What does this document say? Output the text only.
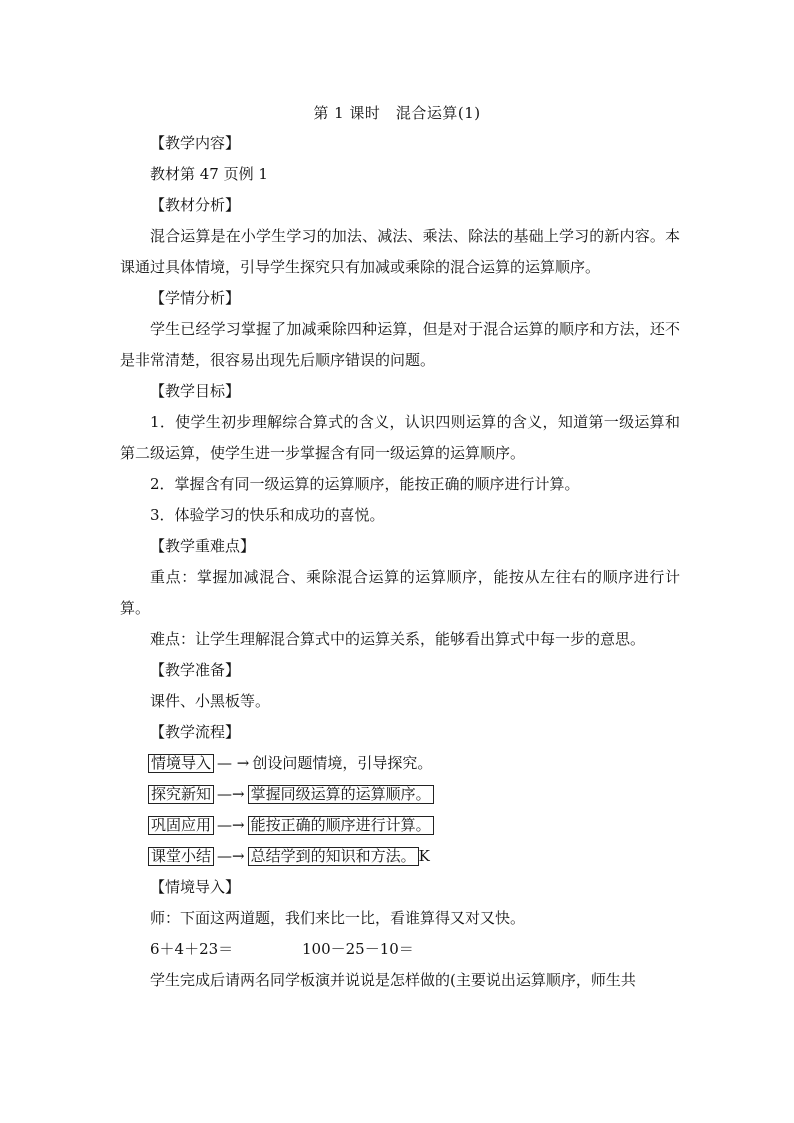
第 1 课时　混合运算(1)

【教学内容】

教材第 47 页例 1

【教材分析】

混合运算是在小学生学习的加法、减法、乘法、除法的基础上学习的新内容。本课通过具体情境，引导学生探究只有加减或乘除的混合运算的运算顺序。

【学情分析】

学生已经学习掌握了加减乘除四种运算，但是对于混合运算的顺序和方法，还不是非常清楚，很容易出现先后顺序错误的问题。

【教学目标】

1．使学生初步理解综合算式的含义，认识四则运算的含义，知道第一级运算和第二级运算，使学生进一步掌握含有同一级运算的运算顺序。

2．掌握含有同一级运算的运算顺序，能按正确的顺序进行计算。

3．体验学习的快乐和成功的喜悦。

【教学重难点】

重点：掌握加减混合、乘除混合运算的运算顺序，能按从左往右的顺序进行计算。

难点：让学生理解混合算式中的运算关系，能够看出算式中每一步的意思。

【教学准备】

课件、小黑板等。

【教学流程】

情境导入 — → 创设问题情境，引导探究。
探究新知 —→ 掌握同级运算的运算顺序。
巩固应用 —→ 能按正确的顺序进行计算。
课堂小结 —→ 总结学到的知识和方法。 K

【情境导入】

师：下面这两道题，我们来比一比，看谁算得又对又快。

6＋4＋23＝	100－25－10＝

学生完成后请两名同学板演并说说是怎样做的(主要说出运算顺序，师生共
